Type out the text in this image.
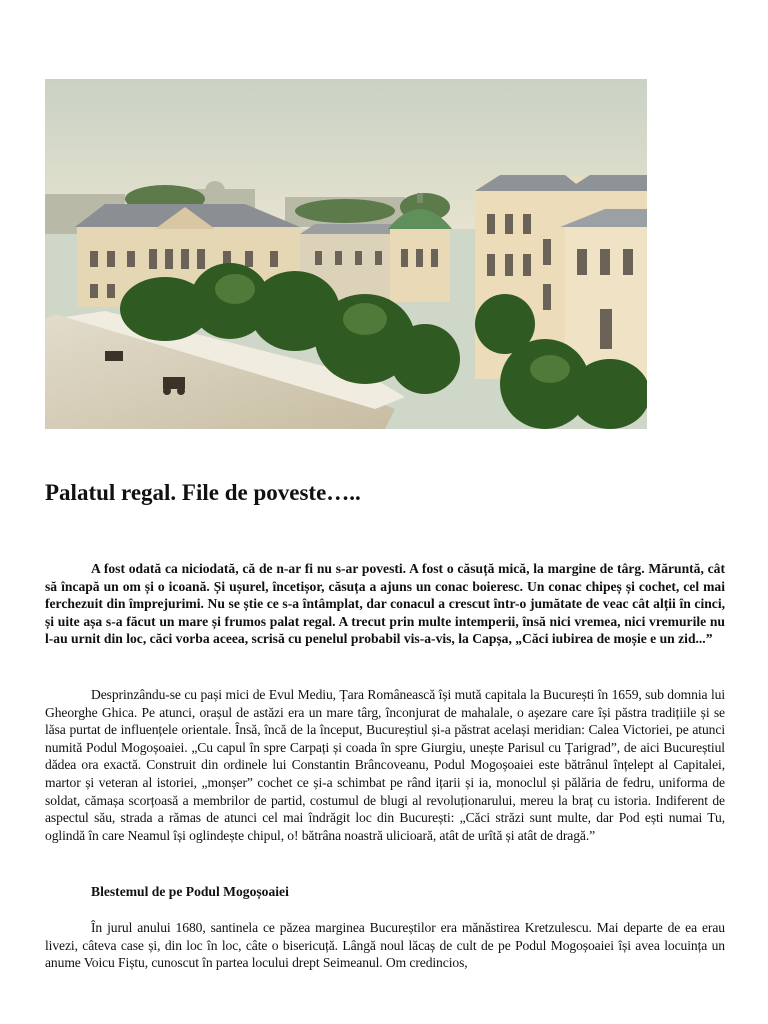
Palatul regal. File de poveste…..

A fost odată ca niciodată, că de n-ar fi nu s-ar povesti. A fost o căsuță mică, la margine de târg. Măruntă, cât să încapă un om și o icoană. Și ușurel, încetișor, căsuța a ajuns un conac boieresc. Un conac chipeș și cochet, cel mai ferchezuit din împrejurimi. Nu se știe ce s-a întâmplat, dar conacul a crescut într-o jumătate de veac cât alții în cinci, și uite așa s-a făcut un mare și frumos palat regal. A trecut prin multe intemperii, însă nici vremea, nici vremurile nu l-au urnit din loc, căci vorba aceea, scrisă cu penelul probabil vis-a-vis, la Capșa, „Căci iubirea de moșie e un zid...”

Desprinzându-se cu pași mici de Evul Mediu, Țara Românească își mută capitala la București în 1659, sub domnia lui Gheorghe Ghica. Pe atunci, orașul de astăzi era un mare târg, înconjurat de mahalale, o așezare care își păstra tradițiile și se lăsa purtat de influențele orientale. Însă, încă de la început, Bucureștiul și-a păstrat același meridian: Calea Victoriei, pe atunci numită Podul Mogoșoaiei. „Cu capul în spre Carpați și coada în spre Giurgiu, unește Parisul cu Țarigrad”, de aici Bucureștiul dădea ora exactă. Construit din ordinele lui Constantin Brâncoveanu, Podul Mogoșoaiei este bătrânul înțelept al Capitalei, martor și veteran al istoriei, „monșer” cochet ce și-a schimbat pe rând ițarii și ia, monoclul și pălăria de fedru, uniforma de soldat, cămașa scorțoasă a membrilor de partid, costumul de blugi al revoluționarului, mereu la braț cu istoria. Indiferent de aspectul său, strada a rămas de atunci cel mai îndrăgit loc din București: „Căci străzi sunt multe, dar Pod ești numai Tu, oglindă în care Neamul își oglindește chipul, o! bătrâna noastră ulicioară, atât de urîtă și atât de dragă.”

Blestemul de pe Podul Mogoșoaiei

În jurul anului 1680, santinela ce păzea marginea Bucureștilor era mănăstirea Kretzulescu. Mai departe de ea erau livezi, câteva case și, din loc în loc, câte o bisericuță. Lângă noul lăcaș de cult de pe Podul Mogoșoaiei își avea locuința un anume Voicu Fiștu, cunoscut în partea locului drept Seimeanul. Om credincios,
